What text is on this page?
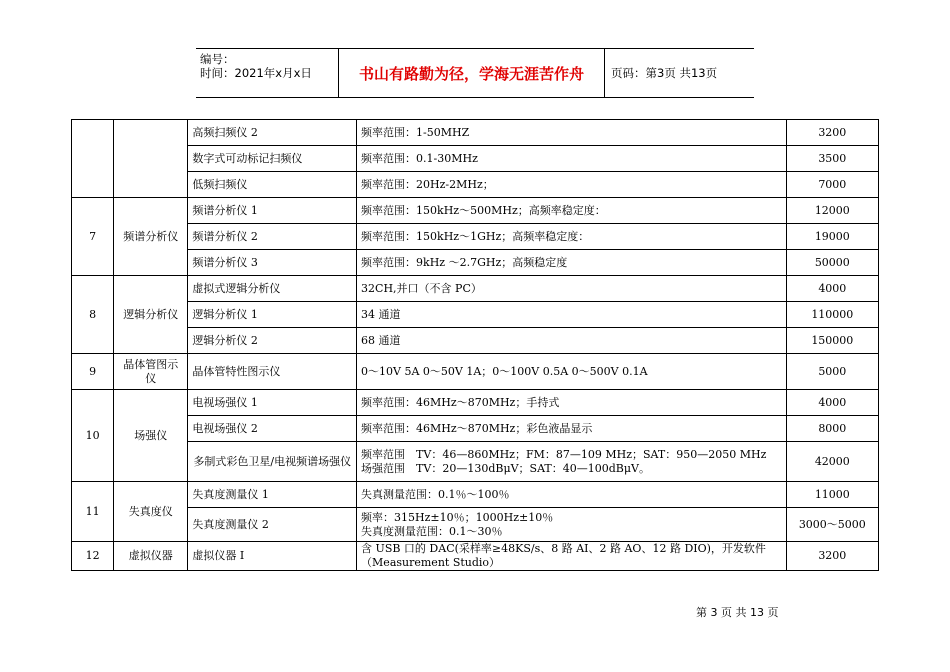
编号：
时间：2021年x月x日	书山有路勤为径，学海无涯苦作舟	页码：第3页 共13页
		高频扫频仪 2	频率范围：1-50MHZ	3200
		数字式可动标记扫频仪	频率范围：0.1-30MHz	3500
		低频扫频仪	频率范围：20Hz-2MHz；	7000
7	频谱分析仪	频谱分析仪 1	频率范围：150kHz～500MHz；高频率稳定度：	12000
		频谱分析仪 2	频率范围：150kHz～1GHz；高频率稳定度：	19000
		频谱分析仪 3	频率范围：9kHz ～2.7GHz；高频稳定度	50000
8	逻辑分析仪	虚拟式逻辑分析仪	32CH,并口（不含 PC）	4000
		逻辑分析仪 1	34 通道	110000
		逻辑分析仪 2	68 通道	150000
9	晶体管图示仪	晶体管特性图示仪	0～10V 5A 0～50V 1A；0～100V 0.5A 0～500V 0.1A	5000
10	场强仪	电视场强仪 1	频率范围：46MHz～870MHz；手持式	4000
		电视场强仪 2	频率范围：46MHz～870MHz；彩色液晶显示	8000
		多制式彩色卫星/电视频谱场强仪	频率范围　TV：46—860MHz；FM：87—109 MHz；SAT：950—2050 MHz
场强范围　TV：20—130dBμV；SAT：40—100dBμV。	42000
11	失真度仪	失真度测量仪 1	失真测量范围：0.1％～100％	11000
		失真度测量仪 2	频率：315Hz±10％；1000Hz±10％
失真度测量范围：0.1～30％	3000～5000
12	虚拟仪器	虚拟仪器 I	含 USB 口的 DAC(采样率≥48KS/s、8 路 AI、2 路 AO、12 路 DIO)，开发软件
（Measurement Studio）	3200
第 3 页 共 13 页
